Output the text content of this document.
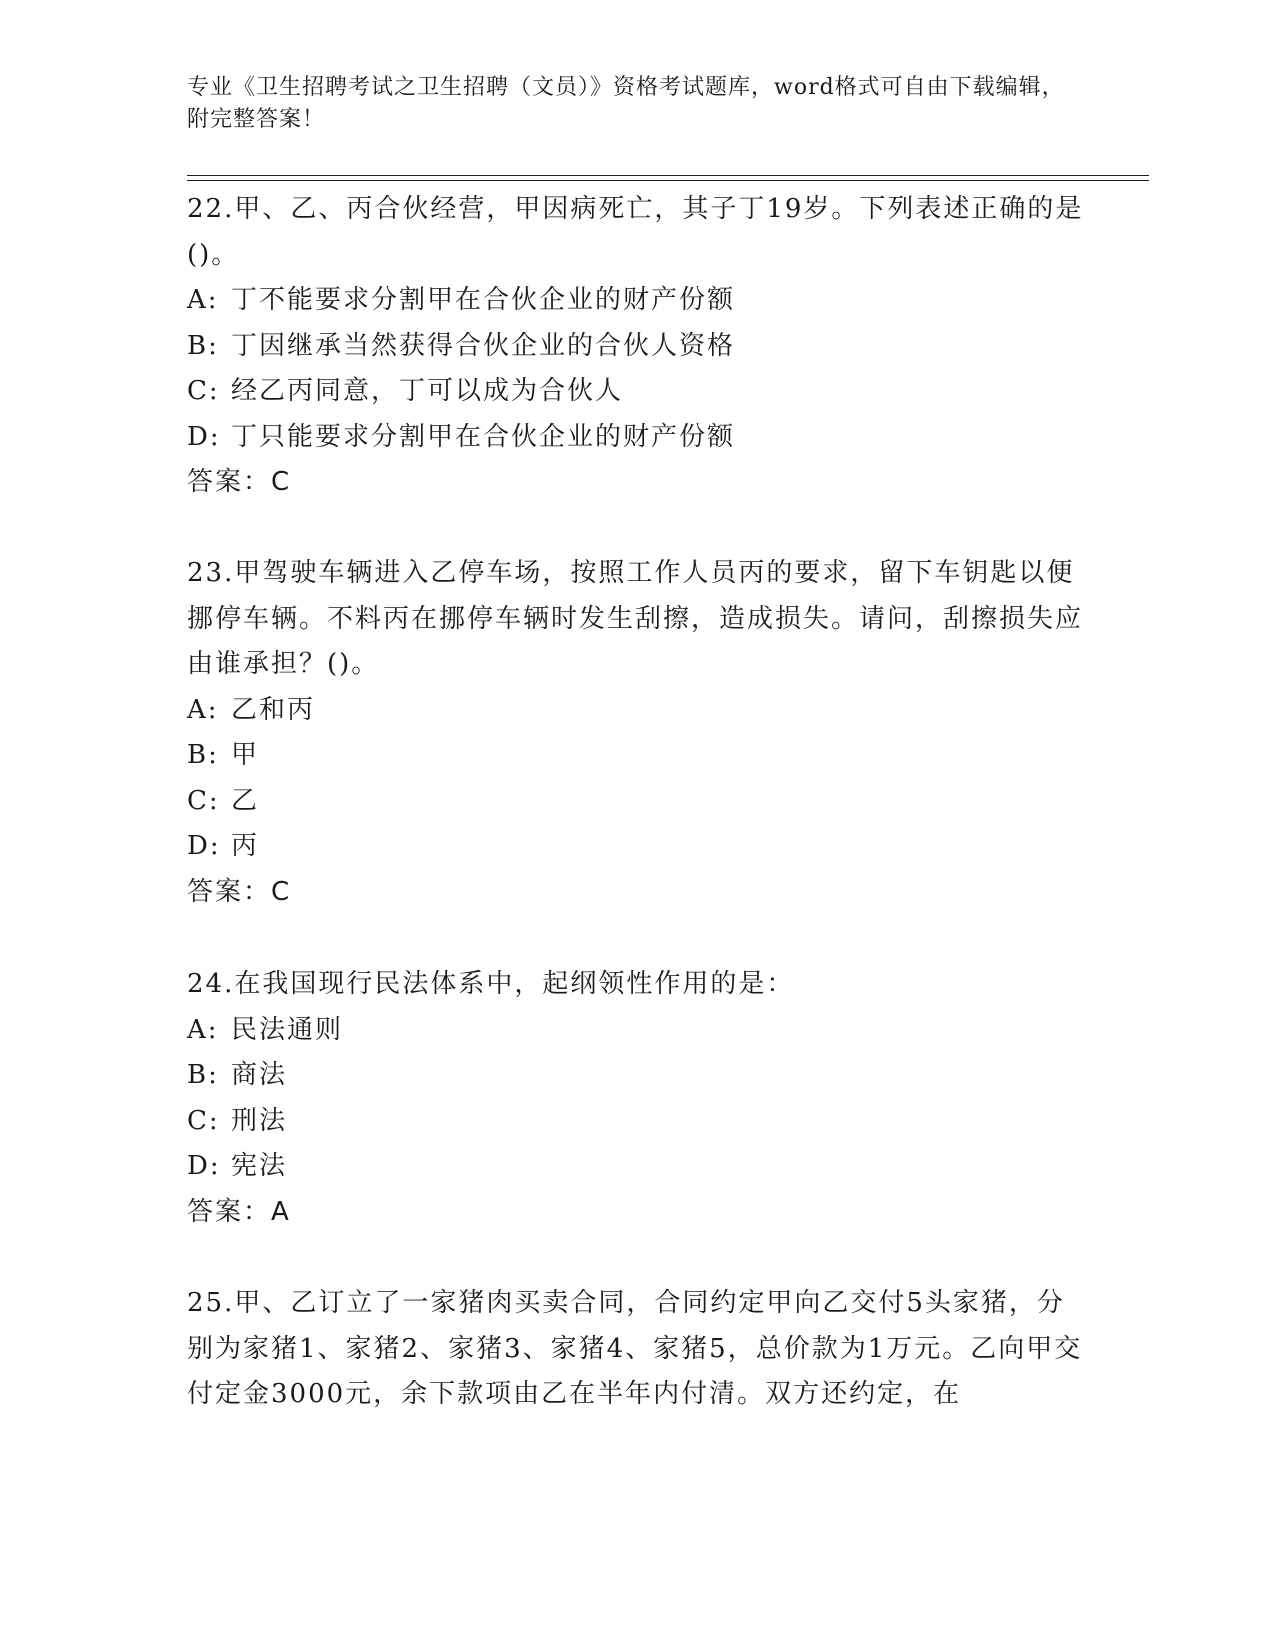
专业《卫生招聘考试之卫生招聘（文员）》资格考试题库，word格式可自由下载编辑，附完整答案！

22.甲、乙、丙合伙经营，甲因病死亡，其子丁19岁。下列表述正确的是()。

A: 丁不能要求分割甲在合伙企业的财产份额

B: 丁因继承当然获得合伙企业的合伙人资格

C: 经乙丙同意，丁可以成为合伙人

D: 丁只能要求分割甲在合伙企业的财产份额

答案：C

23.甲驾驶车辆进入乙停车场，按照工作人员丙的要求，留下车钥匙以便挪停车辆。不料丙在挪停车辆时发生刮擦，造成损失。请问，刮擦损失应由谁承担？()。

A: 乙和丙

B: 甲

C: 乙

D: 丙

答案：C

24.在我国现行民法体系中，起纲领性作用的是：

A: 民法通则

B: 商法

C: 刑法

D: 宪法

答案：A

25.甲、乙订立了一家猪肉买卖合同，合同约定甲向乙交付5头家猪，分别为家猪1、家猪2、家猪3、家猪4、家猪5，总价款为1万元。乙向甲交付定金3000元，余下款项由乙在半年内付清。双方还约定，在
